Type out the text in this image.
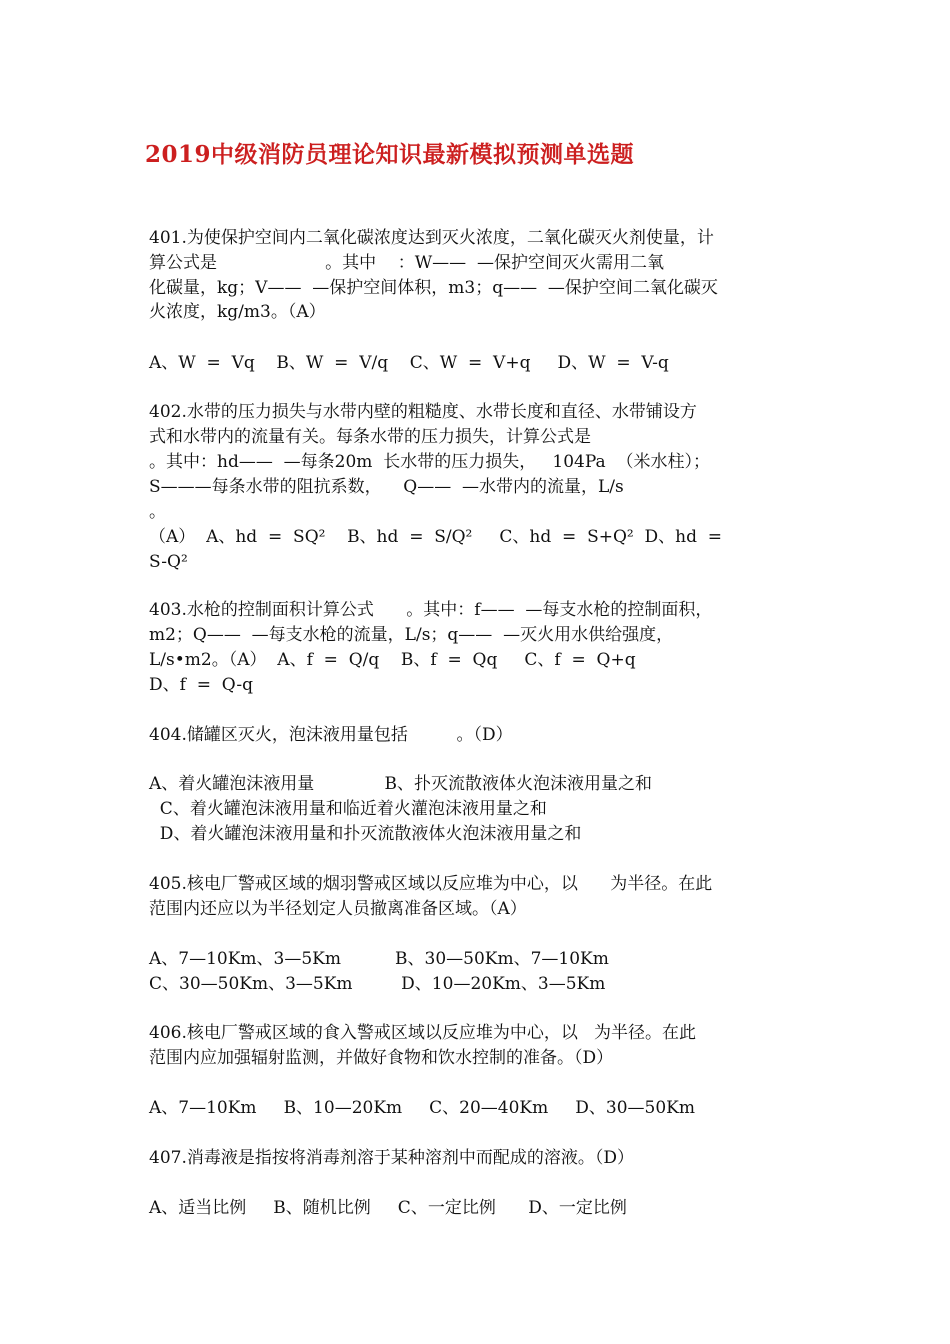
2019中级消防员理论知识最新模拟预测单选题

401.为使保护空间内二氧化碳浓度达到灭火浓度，二氧化碳灭火剂使量，计

算公式是                    。其中    ：W——  —保护空间灭火需用二氧

化碳量，kg；V——  —保护空间体积，m3；q——  —保护空间二氧化碳灭

火浓度，kg/m3。（A）

A、W  =  Vq    B、W  =  V/q    C、W  =  V+q     D、W  =  V-q

402.水带的压力损失与水带内壁的粗糙度、水带长度和直径、水带铺设方

式和水带内的流量有关。每条水带的压力损失，计算公式是

。其中：hd——  —每条20m  长水带的压力损失，   104Pa  （米水柱）；

S———每条水带的阻抗系数，    Q——  —水带内的流量，L/s

。

（A）  A、hd  =  SQ²    B、hd  =  S/Q²     C、hd  =  S+Q²  D、hd  =

S-Q²

403.水枪的控制面积计算公式      。其中：f——  —每支水枪的控制面积，

m2；Q——  —每支水枪的流量，L/s；q——  —灭火用水供给强度，

L/s•m2。（A）  A、f  =  Q/q    B、f  =  Qq     C、f  =  Q+q

D、f  =  Q-q

404.储罐区灭火，泡沫液用量包括         。（D）

A、着火罐泡沫液用量             B、扑灭流散液体火泡沫液用量之和

C、着火罐泡沫液用量和临近着火灌泡沫液用量之和

D、着火罐泡沫液用量和扑灭流散液体火泡沫液用量之和

405.核电厂警戒区域的烟羽警戒区域以反应堆为中心，以      为半径。在此

范围内还应以为半径划定人员撤离准备区域。（A）

A、7—10Km、3—5Km          B、30—50Km、7—10Km

C、30—50Km、3—5Km         D、10—20Km、3—5Km

406.核电厂警戒区域的食入警戒区域以反应堆为中心，以   为半径。在此

范围内应加强辐射监测，并做好食物和饮水控制的准备。（D）

A、7—10Km     B、10—20Km     C、20—40Km     D、30—50Km

407.消毒液是指按将消毒剂溶于某种溶剂中而配成的溶液。（D）

A、适当比例     B、随机比例     C、一定比例      D、一定比例
